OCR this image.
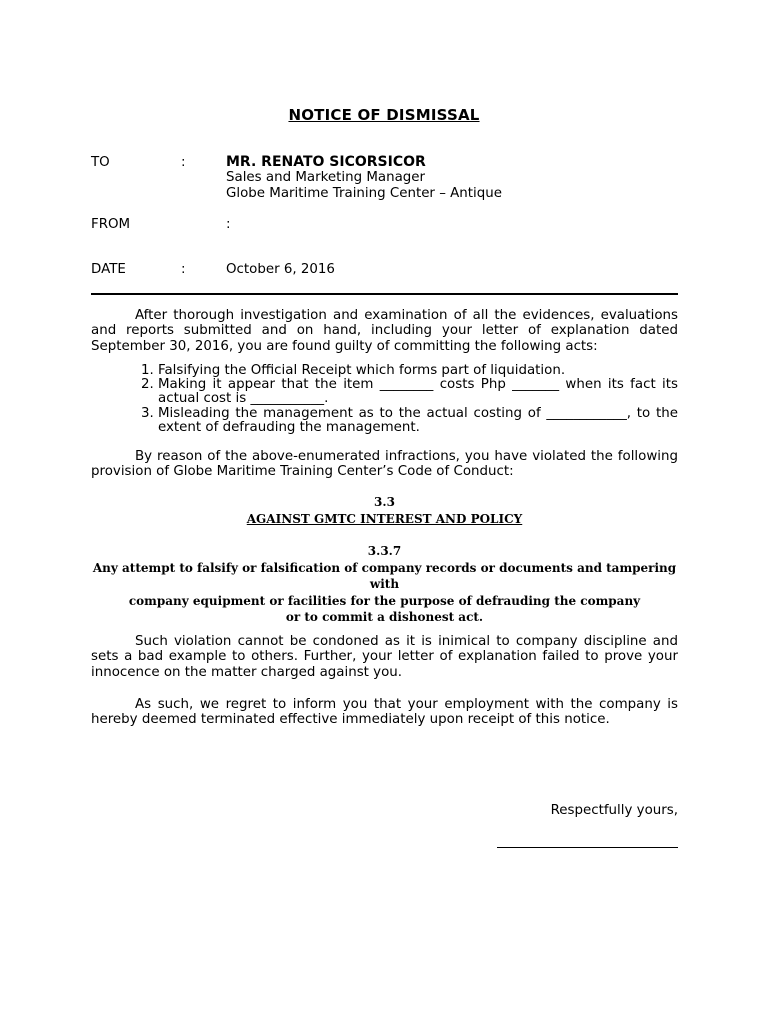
NOTICE OF DISMISSAL
TO	:	MR. RENATO SICORSICOR
Sales and Marketing Manager
Globe Maritime Training Center – Antique
FROM	:
DATE	:	October 6, 2016
After thorough investigation and examination of all the evidences, evaluations and reports submitted and on hand, including your letter of explanation dated September 30, 2016, you are found guilty of committing the following acts:
1. Falsifying the Official Receipt which forms part of liquidation.
2. Making it appear that the item ________ costs Php _______ when its fact its actual cost is ___________.
3. Misleading the management as to the actual costing of ____________, to the extent of defrauding the management.
By reason of the above-enumerated infractions, you have violated the following provision of Globe Maritime Training Center’s Code of Conduct:
3.3
AGAINST GMTC INTEREST AND POLICY
3.3.7
Any attempt to falsify or falsification of company records or documents and tampering with
company equipment or facilities for the purpose of defrauding the company
or to commit a dishonest act.
Such violation cannot be condoned as it is inimical to company discipline and sets a bad example to others. Further, your letter of explanation failed to prove your innocence on the matter charged against you.
As such, we regret to inform you that your employment with the company is hereby deemed terminated effective immediately upon receipt of this notice.
Respectfully yours,
